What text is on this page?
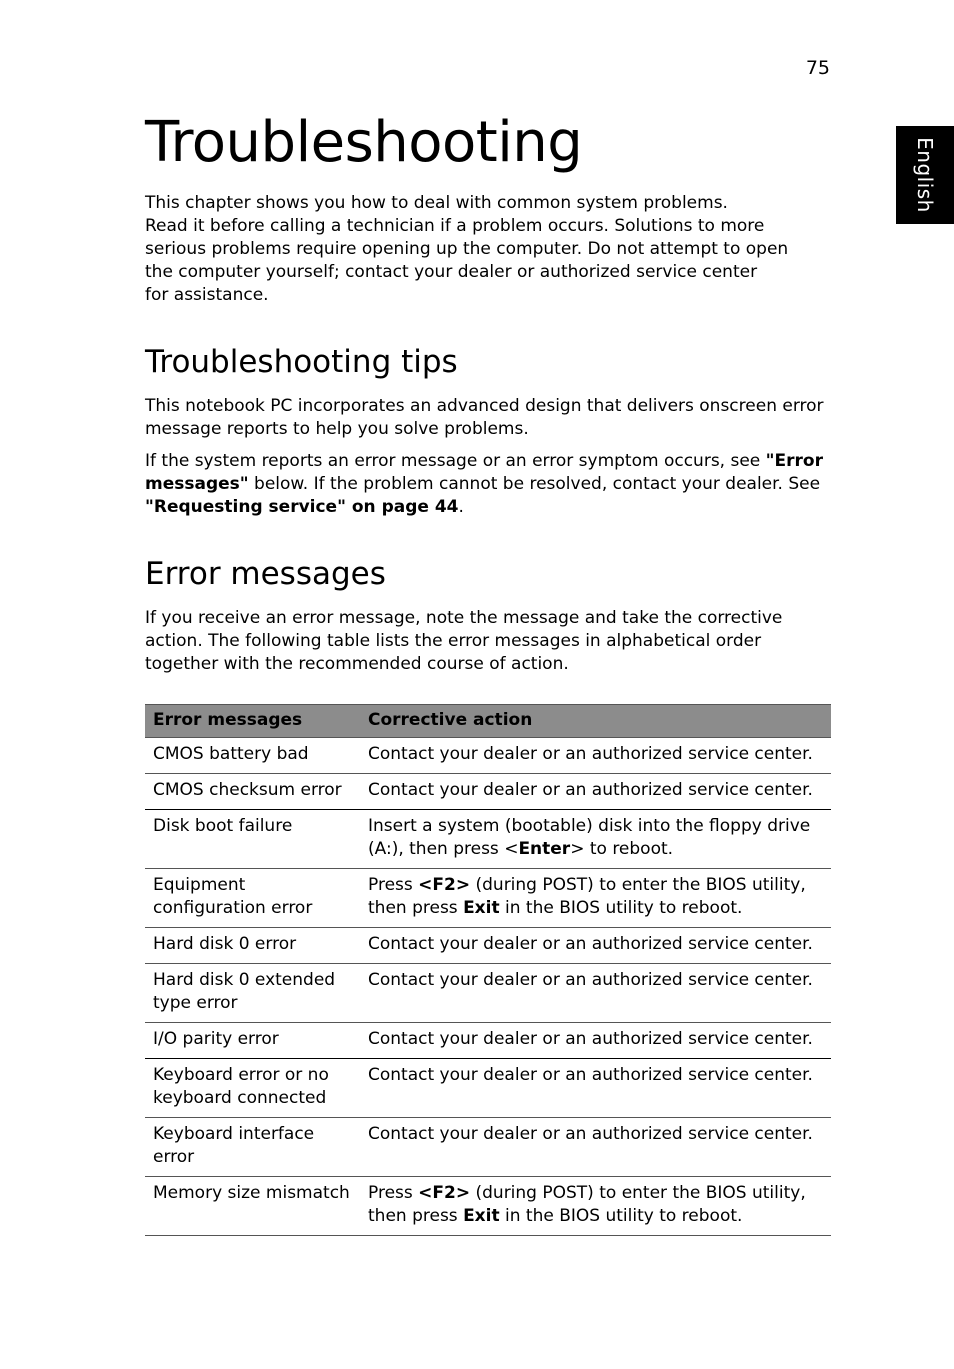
75
English
Troubleshooting

This chapter shows you how to deal with common system problems.
Read it before calling a technician if a problem occurs. Solutions to more
serious problems require opening up the computer. Do not attempt to open
the computer yourself; contact your dealer or authorized service center
for assistance.

Troubleshooting tips

This notebook PC incorporates an advanced design that delivers onscreen error
message reports to help you solve problems.

If the system reports an error message or an error symptom occurs, see "Error
messages" below. If the problem cannot be resolved, contact your dealer. See
"Requesting service" on page 44.

Error messages

If you receive an error message, note the message and take the corrective
action. The following table lists the error messages in alphabetical order
together with the recommended course of action.

Error messages	Corrective action
CMOS battery bad	Contact your dealer or an authorized service center.
CMOS checksum error	Contact your dealer or an authorized service center.
Disk boot failure	Insert a system (bootable) disk into the floppy drive
(A:), then press <Enter> to reboot.
Equipment
configuration error	Press <F2> (during POST) to enter the BIOS utility,
then press Exit in the BIOS utility to reboot.
Hard disk 0 error	Contact your dealer or an authorized service center.
Hard disk 0 extended
type error	Contact your dealer or an authorized service center.
I/O parity error	Contact your dealer or an authorized service center.
Keyboard error or no
keyboard connected	Contact your dealer or an authorized service center.
Keyboard interface
error	Contact your dealer or an authorized service center.
Memory size mismatch	Press <F2> (during POST) to enter the BIOS utility,
then press Exit in the BIOS utility to reboot.
